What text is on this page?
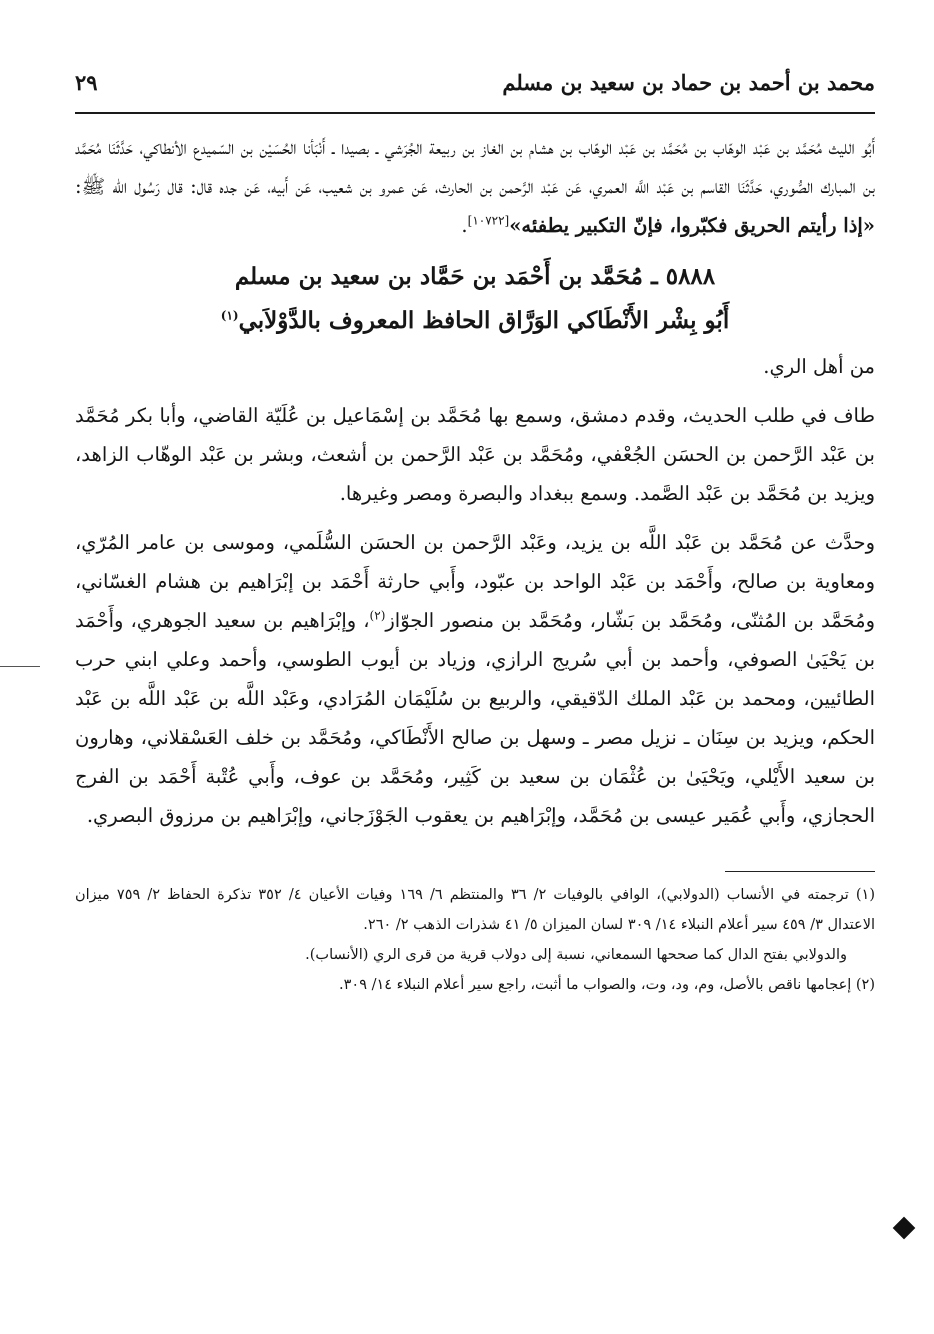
محمد بن أحمد بن حماد بن سعيد بن مسلم
٢٩

أَبُو الليث مُحَمَّد بن عَبْد الوهّاب بن مُحَمَّد بن عَبْد الوهّاب بن هشام بن الغاز بن ربيعة الجُرَشي ـ بصيدا ـ أَنْبَأنا الحُسَيْن بن السّميدع الأنطاكي، حَدَّثَنَا مُحَمَّد بن المبارك الصُّوري، حَدَّثَنَا القاسم بن عَبْد اللَّه العمري، عَن عَبْد الرَّحمن بن الحارث، عَن عمرو بن شعيب، عَن أَبيه، عَن جده قال: قال رَسُول الله ﷺ: «إذا رأيتم الحريق فكبّروا، فإنّ التكبير يطفئه»[١٠٧٢٢].

٥٨٨٨ ـ مُحَمَّد بن أَحْمَد بن حَمَّاد بن سعيد بن مسلم

أَبُو بِشْر الأَنْطَاكي الوَرَّاق الحافظ المعروف بالدَّوْلاَبي$^{(١)}$

من أهل الري.

طاف في طلب الحديث، وقدم دمشق، وسمع بها مُحَمَّد بن إسْمَاعيل بن عُلَيّة القاضي، وأبا بكر مُحَمَّد بن عَبْد الرَّحمن بن الحسَن الجُعْفي، ومُحَمَّد بن عَبْد الرَّحمن بن أشعث، وبشر بن عَبْد الوهّاب الزاهد، ويزيد بن مُحَمَّد بن عَبْد الصَّمد. وسمع ببغداد والبصرة ومصر وغيرها.

وحدَّث عن مُحَمَّد بن عَبْد اللَّه بن يزيد، وعَبْد الرَّحمن بن الحسَن السُّلَمي، وموسى بن عامر المُرّي، ومعاوية بن صالح، وأَحْمَد بن عَبْد الواحد بن عبّود، وأَبي حارثة أَحْمَد بن إبْرَاهيم بن هشام الغسّاني، ومُحَمَّد بن المُثنّى، ومُحَمَّد بن بَشّار، ومُحَمَّد بن منصور الجوّاز$^{(٢)}$، وإبْرَاهيم بن سعيد الجوهري، وأَحْمَد بن يَحْيَىٰ الصوفي، وأحمد بن أبي سُريج الرازي، وزياد بن أيوب الطوسي، وأحمد وعلي ابني حرب الطائيين، ومحمد بن عَبْد الملك الدّقيقي، والربيع بن سُلَيْمَان المُرَادي، وعَبْد اللَّه بن عَبْد اللَّه بن عَبْد الحكم، ويزيد بن سِنَان ـ نزيل مصر ـ وسهل بن صالح الأَنْطَاكي، ومُحَمَّد بن خلف العَسْقلاني، وهارون بن سعيد الأَيْلي، ويَحْيَىٰ بن عُثْمَان بن سعيد بن كَثِير، ومُحَمَّد بن عوف، وأَبي عُتْبة أَحْمَد بن الفرج الحجازي، وأَبي عُمَير عيسى بن مُحَمَّد، وإبْرَاهيم بن يعقوب الجَوْزَجاني، وإبْرَاهيم بن مرزوق البصري.

(١) ترجمته في الأنساب (الدولابي)، الوافي بالوفيات ٢/ ٣٦ والمنتظم ٦/ ١٦٩ وفيات الأعيان ٤/ ٣٥٢ تذكرة الحفاظ ٢/ ٧٥٩ ميزان الاعتدال ٣/ ٤٥٩ سير أعلام النبلاء ١٤/ ٣٠٩ لسان الميزان ٥/ ٤١ شذرات الذهب ٢/ ٢٦٠.

والدولابي بفتح الدال كما صححها السمعاني، نسبة إلى دولاب قرية من قرى الري (الأنساب).

(٢) إعجامها ناقص بالأصل، وم، ود، وت، والصواب ما أثبت، راجع سير أعلام النبلاء ١٤/ ٣٠٩.
